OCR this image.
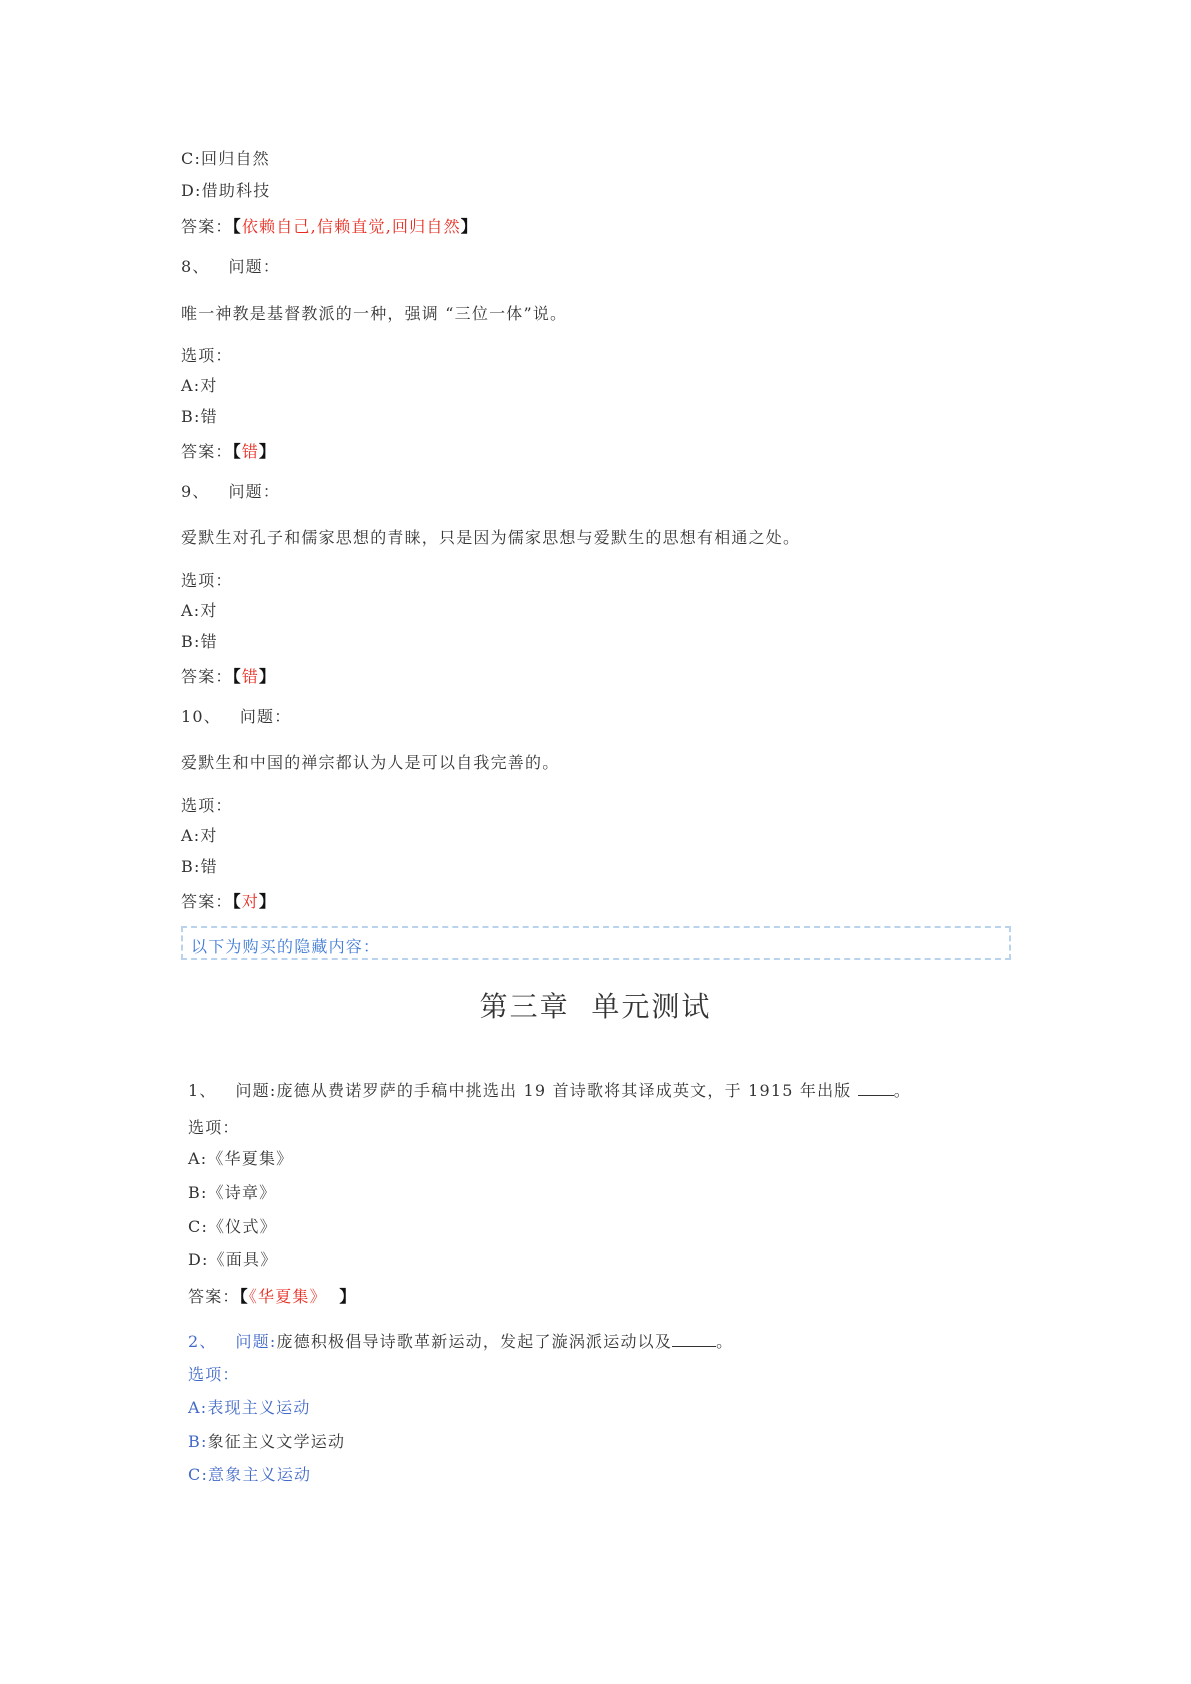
C:回归自然
D:借助科技
答案：【依赖自己,信赖直觉,回归自然】
8、 问题：
唯一神教是基督教派的一种，强调 “三位一体”说。
选项：
A:对
B:错
答案：【错】
9、 问题：
爱默生对孔子和儒家思想的青睐，只是因为儒家思想与爱默生的思想有相通之处。
选项：
A:对
B:错
答案：【错】
10、 问题：
爱默生和中国的禅宗都认为人是可以自我完善的。
选项：
A:对
B:错
答案：【对】
以下为购买的隐藏内容：
第三章  单元测试
1、 问题:庞德从费诺罗萨的手稿中挑选出 19 首诗歌将其译成英文，于 1915 年出版	。
选项：
A:《华夏集》
B:《诗章》
C:《仪式》
D:《面具》
答案：【《华夏集》 】
2、 问题:庞德积极倡导诗歌革新运动，发起了漩涡派运动以及	。
选项：
A:表现主义运动
B:象征主义文学运动
C:意象主义运动
